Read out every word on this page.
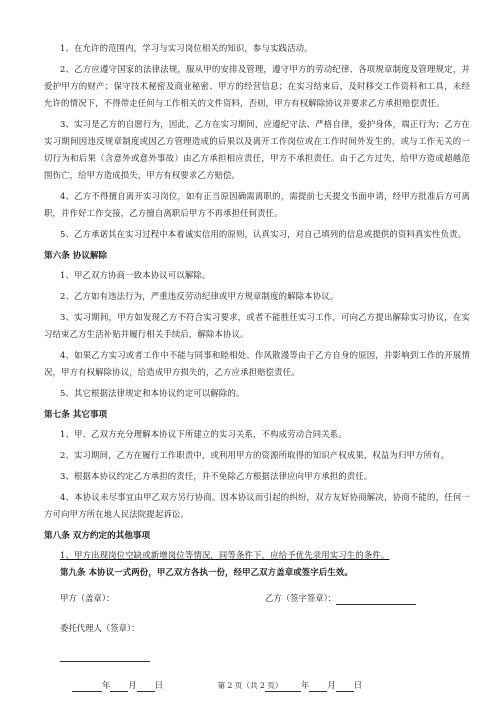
1、在允许的范围内，学习与实习岗位相关的知识，参与实践活动。

2、乙方应遵守国家的法律法规，服从甲的安排及管理，遵守甲方的劳动纪律、各项规章制度及管理规定，并爱护甲方的财产；保守技术秘密及商业秘密、甲方的经营信息；在实习结束后，及时移交工作资料和工具，未经允许的情况下，不得带走任何与工作相关的文件资料，否则，甲方有权解除协议并要求乙方承担赔偿责任。

3、实习是乙方的自愿行为，因此，乙方在实习期间，应遵纪守法、严格自律，爱护身体，端正行为；乙方在实习期间因违反规章制度或因乙方管理造成的后果以及离开工作岗位或在工作时间外发生的，或与工作无关的一切行为和后果（含意外或意外事故）由乙方承担相应责任，甲方不承担责任。由于乙方过失，给甲方造成超越范围伤亡，给甲方造成损失，甲方有权要求乙方赔偿。

4、乙方不得擅自离开实习岗位，如有正当原因确需离职的，需提前七天提交书面申请，经甲方批准后方可离职，并作好工作交接，乙方擅自离职后甲方不再承担任何责任。

5、乙方承诺其在实习过程中本着诚实信用的原则，认真实习，对自己填列的信息或提供的资料真实性负责。

第六条 协议解除

1、甲乙双方协商一致本协议可以解除。

2、乙方如有违法行为，严重违反劳动纪律或甲方规章制度的解除本协议。

3、实习期间，甲方如发现乙方不符合实习要求，或者不能胜任实习工作，可向乙方提出解除实习协议，在实习结束乙方生活补贴并履行相关手续后，解除本协议。

4、如果乙方实习或者工作中不能与同事和睦相处、作风散漫等由于乙方自身的原因，并影响到工作的开展情况，甲方有权解除协议，给造成甲方损失的，乙方应承担赔偿责任。

5、其它根据法律规定和本协议约定可以解除的。

第七条 其它事项

1、甲、乙双方充分理解本协议下所建立的实习关系，不构成劳动合同关系。

2、实习期间，乙方在履行工作职责中，或利用甲方的资源所取得的知识产权成果，权益为归甲方所有。

3、根据本协议约定乙方承担的责任，并不免除乙方根据法律应向甲方承担的责任。

4、本协议未尽事宜由甲乙双方另行协商。因本协议而引起的纠纷，双方友好协商解决，协商不能的，任何一方可向甲方所在地人民法院提起诉讼。

第八条 双方约定的其他事项

1、甲方出现岗位空缺或新增岗位等情况，同等条件下，应给予优先录用实习生的条件。

第九条 本协议一式两份，甲乙双方各执一份，经甲乙双方盖章或签字后生效。

甲方（盖章）：	乙方（签字签章）：
委托代理人（签章）：
年 月 日	年 月 日
第 2 页（共 2 页）
